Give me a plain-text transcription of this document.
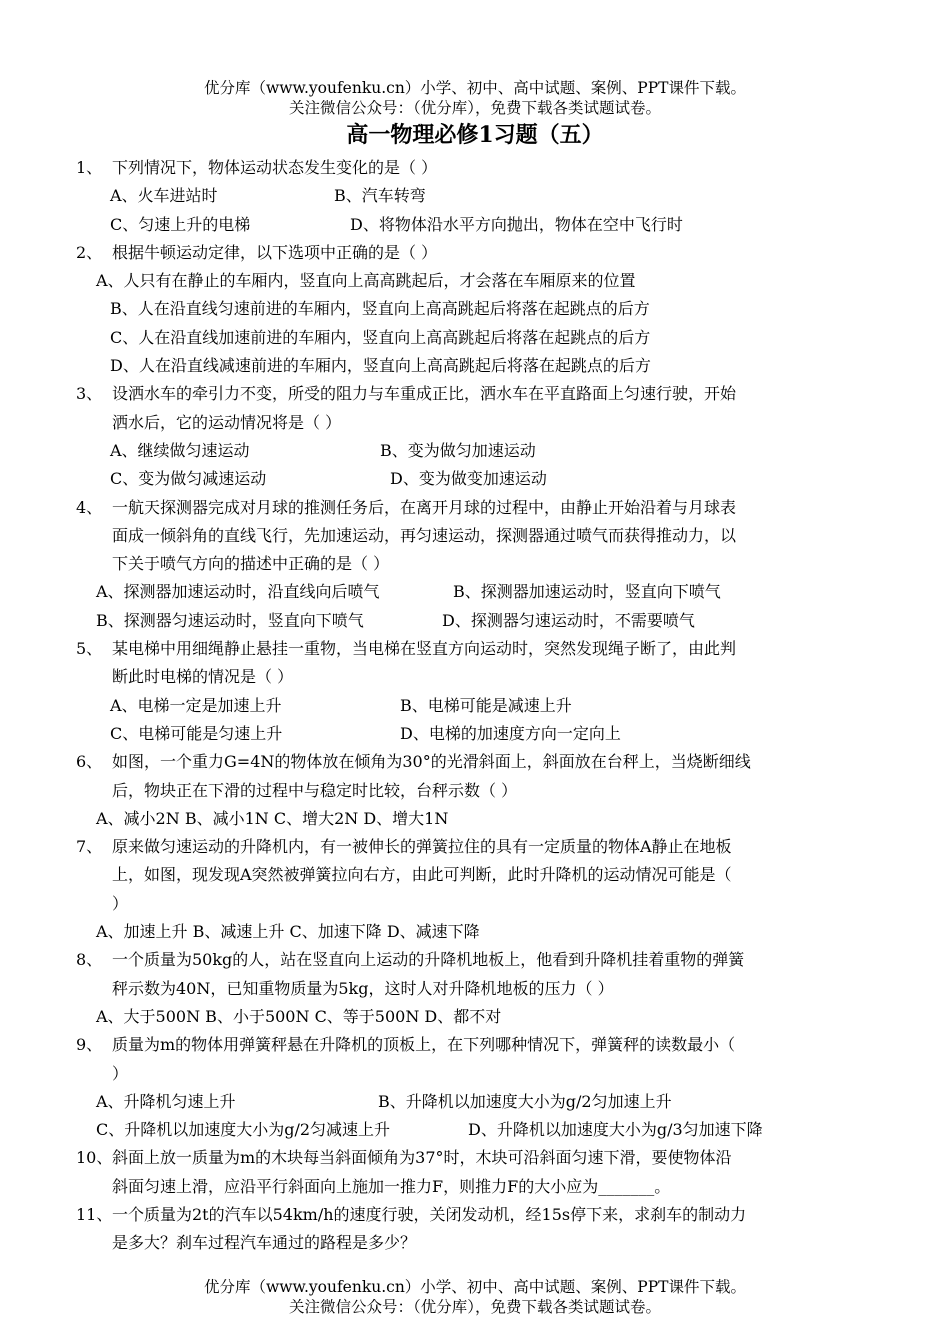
优分库（www.youfenku.cn）小学、初中、高中试题、案例、PPT课件下载。
关注微信公众号：（优分库），免费下载各类试题试卷。
高一物理必修1习题（五）
1、 下列情况下，物体运动状态发生变化的是（ ）
A、火车进站时	B、汽车转弯
C、匀速上升的电梯	D、将物体沿水平方向抛出，物体在空中飞行时
2、 根据牛顿运动定律，以下选项中正确的是（ ）
A、人只有在静止的车厢内，竖直向上高高跳起后，才会落在车厢原来的位置
B、人在沿直线匀速前进的车厢内，竖直向上高高跳起后将落在起跳点的后方
C、人在沿直线加速前进的车厢内，竖直向上高高跳起后将落在起跳点的后方
D、人在沿直线减速前进的车厢内，竖直向上高高跳起后将落在起跳点的后方
3、 设洒水车的牵引力不变，所受的阻力与车重成正比，洒水车在平直路面上匀速行驶，开始
洒水后，它的运动情况将是（ ）
A、继续做匀速运动	B、变为做匀加速运动
C、变为做匀减速运动	D、变为做变加速运动
4、 一航天探测器完成对月球的推测任务后，在离开月球的过程中，由静止开始沿着与月球表
面成一倾斜角的直线飞行，先加速运动，再匀速运动，探测器通过喷气而获得推动力，以
下关于喷气方向的描述中正确的是（ ）
A、探测器加速运动时，沿直线向后喷气	B、探测器加速运动时，竖直向下喷气
B、探测器匀速运动时，竖直向下喷气	D、探测器匀速运动时，不需要喷气
5、 某电梯中用细绳静止悬挂一重物，当电梯在竖直方向运动时，突然发现绳子断了，由此判
断此时电梯的情况是（ ）
A、电梯一定是加速上升	B、电梯可能是减速上升
C、电梯可能是匀速上升	D、电梯的加速度方向一定向上
6、 如图，一个重力G=4N的物体放在倾角为30°的光滑斜面上，斜面放在台秤上，当烧断细线
后，物块正在下滑的过程中与稳定时比较，台秤示数（ ）
A、减小2N B、减小1N C、增大2N D、增大1N
7、 原来做匀速运动的升降机内，有一被伸长的弹簧拉住的具有一定质量的物体A静止在地板
上，如图，现发现A突然被弹簧拉向右方，由此可判断，此时升降机的运动情况可能是（
）
A、加速上升 B、减速上升 C、加速下降 D、减速下降
8、 一个质量为50kg的人，站在竖直向上运动的升降机地板上，他看到升降机挂着重物的弹簧
秤示数为40N，已知重物质量为5kg，这时人对升降机地板的压力（ ）
A、大于500N B、小于500N C、等于500N D、都不对
9、 质量为m的物体用弹簧秤悬在升降机的顶板上，在下列哪种情况下，弹簧秤的读数最小（
）
A、升降机匀速上升	B、升降机以加速度大小为g/2匀加速上升
C、升降机以加速度大小为g/2匀减速上升	D、升降机以加速度大小为g/3匀加速下降
10、 斜面上放一质量为m的木块每当斜面倾角为37°时，木块可沿斜面匀速下滑，要使物体沿
斜面匀速上滑，应沿平行斜面向上施加一推力F，则推力F的大小应为_______。
11、 一个质量为2t的汽车以54km/h的速度行驶，关闭发动机，经15s停下来，求刹车的制动力
是多大？刹车过程汽车通过的路程是多少？
优分库（www.youfenku.cn）小学、初中、高中试题、案例、PPT课件下载。
关注微信公众号：（优分库），免费下载各类试题试卷。
